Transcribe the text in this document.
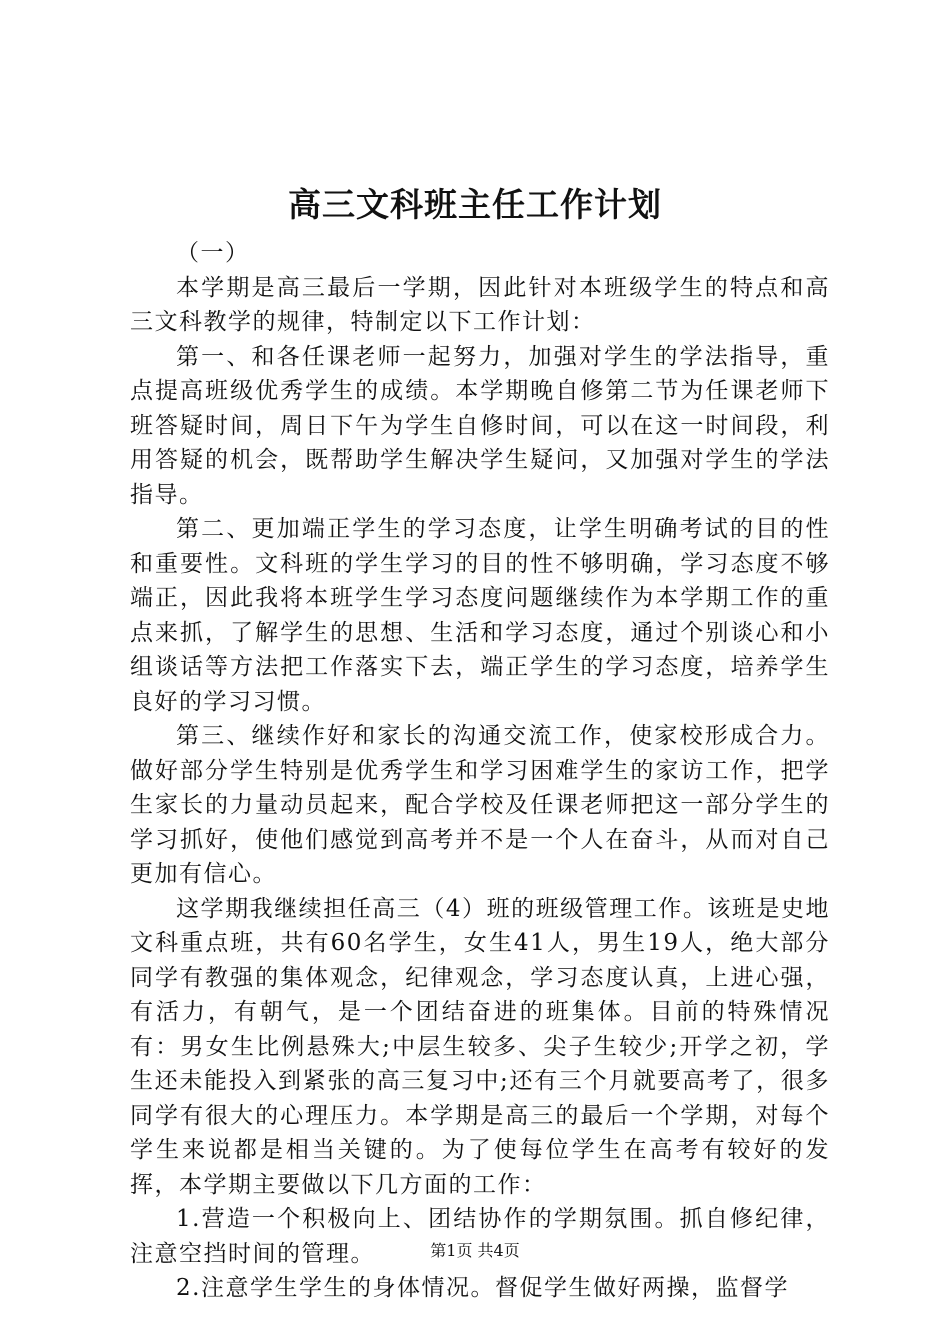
高三文科班主任工作计划

（一）

本学期是高三最后一学期，因此针对本班级学生的特点和高三文科教学的规律，特制定以下工作计划：

第一、和各任课老师一起努力，加强对学生的学法指导，重点提高班级优秀学生的成绩。本学期晚自修第二节为任课老师下班答疑时间，周日下午为学生自修时间，可以在这一时间段，利用答疑的机会，既帮助学生解决学生疑问，又加强对学生的学法指导。

第二、更加端正学生的学习态度，让学生明确考试的目的性和重要性。文科班的学生学习的目的性不够明确，学习态度不够端正，因此我将本班学生学习态度问题继续作为本学期工作的重点来抓，了解学生的思想、生活和学习态度，通过个别谈心和小组谈话等方法把工作落实下去，端正学生的学习态度，培养学生良好的学习习惯。

第三、继续作好和家长的沟通交流工作，使家校形成合力。做好部分学生特别是优秀学生和学习困难学生的家访工作，把学生家长的力量动员起来，配合学校及任课老师把这一部分学生的学习抓好，使他们感觉到高考并不是一个人在奋斗，从而对自己更加有信心。

这学期我继续担任高三（4）班的班级管理工作。该班是史地文科重点班，共有60名学生，女生41人，男生19人，绝大部分同学有教强的集体观念，纪律观念，学习态度认真，上进心强，有活力，有朝气，是一个团结奋进的班集体。目前的特殊情况有：男女生比例悬殊大;中层生较多、尖子生较少;开学之初，学生还未能投入到紧张的高三复习中;还有三个月就要高考了，很多同学有很大的心理压力。本学期是高三的最后一个学期，对每个学生来说都是相当关键的。为了使每位学生在高考有较好的发挥，本学期主要做以下几方面的工作：

1.营造一个积极向上、团结协作的学期氛围。抓自修纪律，注意空挡时间的管理。

2.注意学生学生的身体情况。督促学生做好两操，监督学

第1页 共4页
